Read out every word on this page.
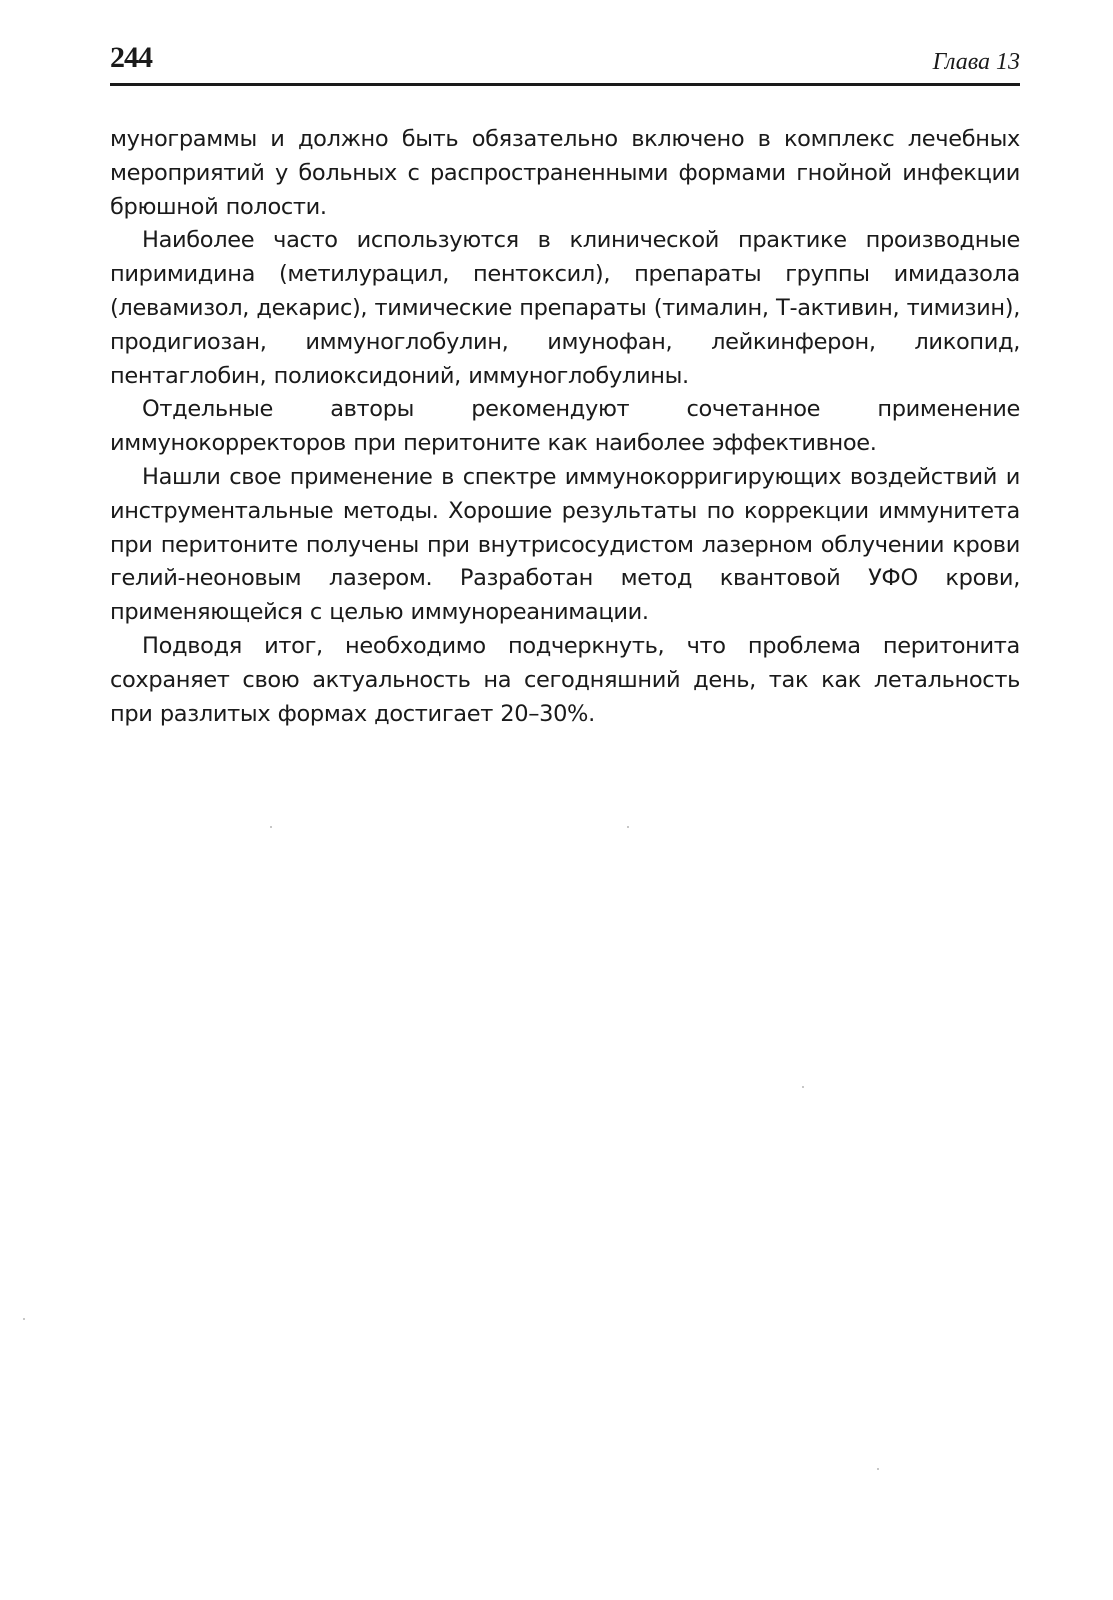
244	Глава 13

мунограммы и должно быть обязательно включено в комплекс лечебных мероприятий у больных с распространенными формами гнойной инфекции брюшной полости.

Наиболее часто используются в клинической практике производные пиримидина (метилурацил, пентоксил), препараты группы имидазола (левамизол, декарис), тимические препараты (тималин, Т-активин, тимизин), продигиозан, иммуноглобулин, имунофан, лейкинферон, ликопид, пентаглобин, полиоксидоний, иммуноглобулины.

Отдельные авторы рекомендуют сочетанное применение иммунокорректоров при перитоните как наиболее эффективное.

Нашли свое применение в спектре иммунокорригирующих воздействий и инструментальные методы. Хорошие результаты по коррекции иммунитета при перитоните получены при внутрисосудистом лазерном облучении крови гелий-неоновым лазером. Разработан метод квантовой УФО крови, применяющейся с целью иммунореанимации.

Подводя итог, необходимо подчеркнуть, что проблема перитонита сохраняет свою актуальность на сегодняшний день, так как летальность при разлитых формах достигает 20–30%.
